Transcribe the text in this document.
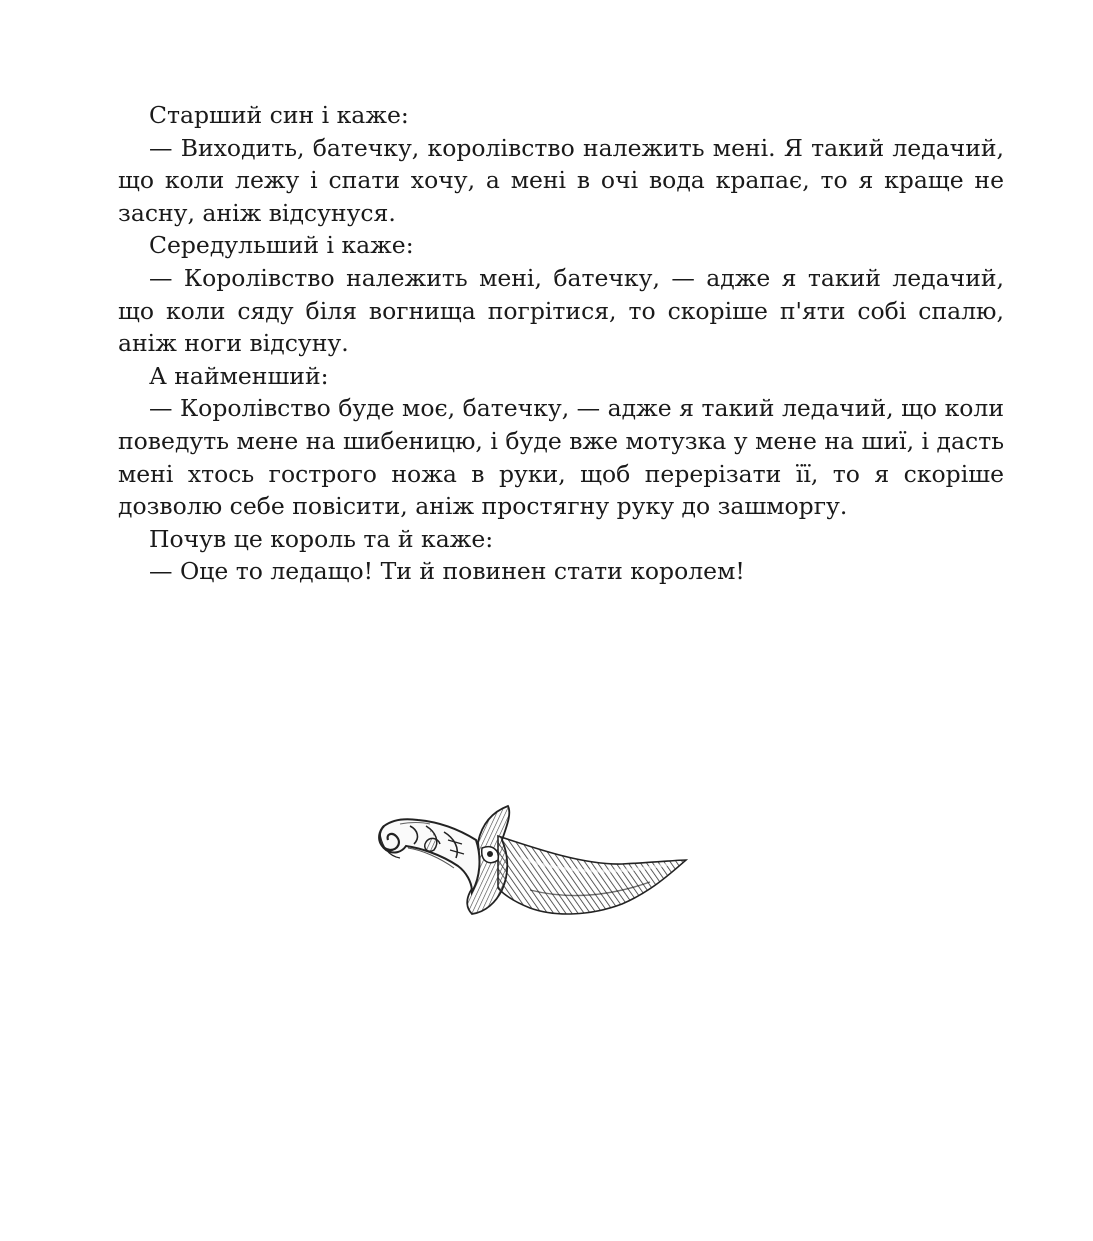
Старший син і каже:

— Виходить, батечку, королівство належить мені. Я такий ледачий, що коли лежу і спати хочу, а мені в очі вода крапає, то я краще не засну, аніж відсунуся.

Середульший і каже:

— Королівство належить мені, батечку, — адже я такий ледачий, що коли сяду біля вогнища погрітися, то скоріше п'яти собі спалю, аніж ноги відсуну.

А найменший:

— Королівство буде моє, батечку, — адже я такий ледачий, що коли поведуть мене на шибеницю, і буде вже мотузка у мене на шиї, і дасть мені хтось гострого ножа в руки, щоб перерізати її, то я скоріше дозволю себе повісити, аніж простягну руку до зашморгу.

Почув це король та й каже:

— Оце то ледащо! Ти й повинен стати королем!
